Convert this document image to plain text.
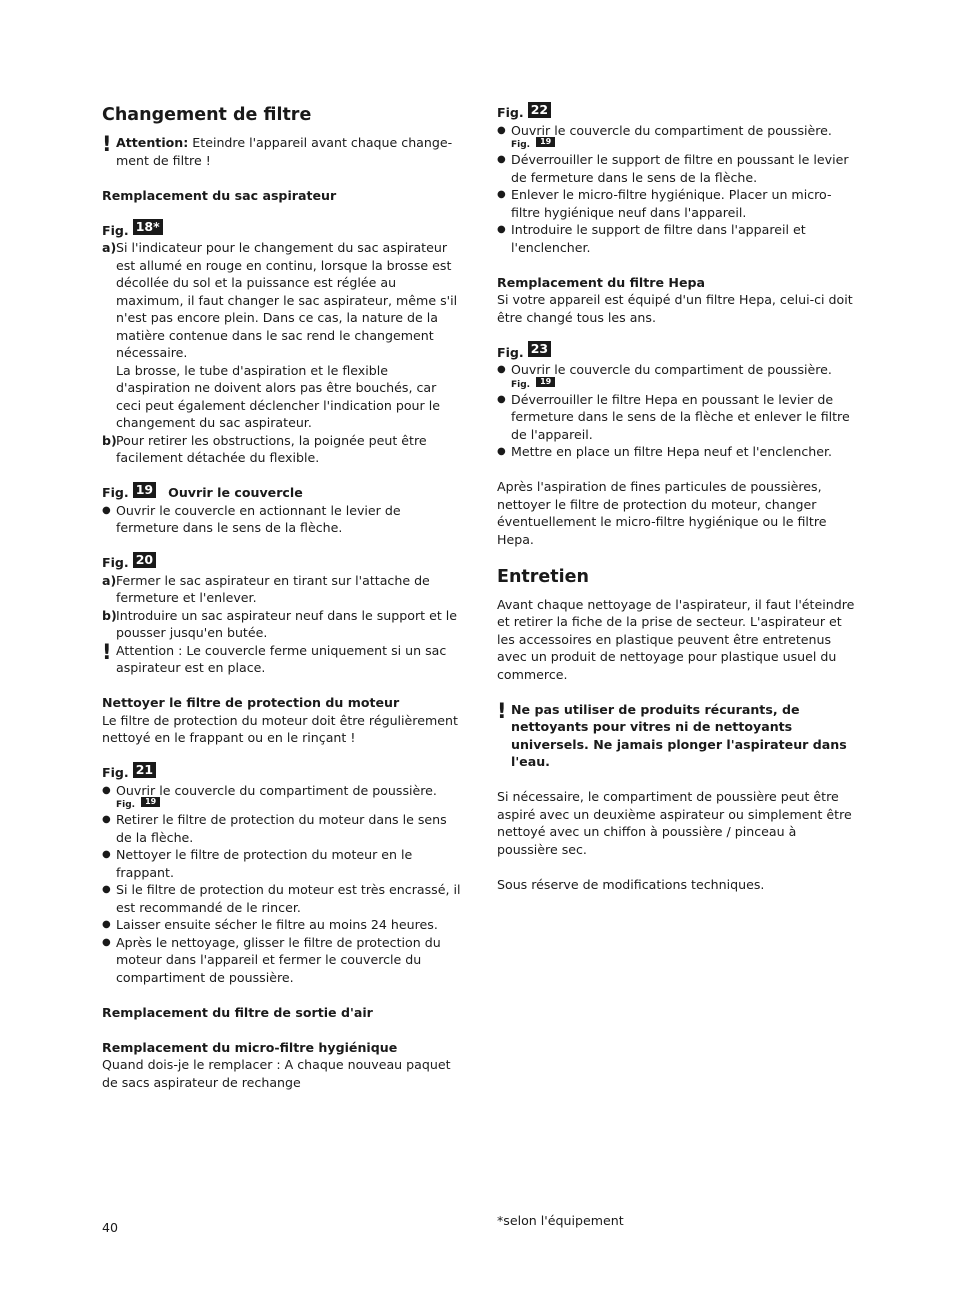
Changement de filtre
! Attention: Eteindre l'appareil avant chaque change-ment de filtre !

Remplacement du sac aspirateur

Fig. 18*
a) Si l'indicateur pour le changement du sac aspirateur est allumé en rouge en continu, lorsque la brosse est décollée du sol et la puissance est réglée au maximum, il faut changer le sac aspirateur, même s'il n'est pas encore plein. Dans ce cas, la nature de la matière contenue dans le sac rend le changement nécessaire.

La brosse, le tube d'aspiration et le flexible d'aspiration ne doivent alors pas être bouchés, car ceci peut également déclencher l'indication pour le changement du sac aspirateur.

b) Pour retirer les obstructions, la poignée peut être facilement détachée du flexible.

Fig. 19 Ouvrir le couvercle
● Ouvrir le couvercle en actionnant le levier de fermeture dans le sens de la flèche.
Fig. 20
a) Fermer le sac aspirateur en tirant sur l'attache de fermeture et l'enlever.

b) Introduire un sac aspirateur neuf dans le support et le pousser jusqu'en butée.

! Attention : Le couvercle ferme uniquement si un sac aspirateur est en place.

Nettoyer le filtre de protection du moteur

Le filtre de protection du moteur doit être régulièrement nettoyé en le frappant ou en le rinçant !

Fig. 21
● Ouvrir le couvercle du compartiment de poussière.
Fig.	19
● Retirer le filtre de protection du moteur dans le sens de la flèche.
● Nettoyer le filtre de protection du moteur en le frappant.
● Si le filtre de protection du moteur est très encrassé, il est recommandé de le rincer.
● Laisser ensuite sécher le filtre au moins 24 heures.
● Après le nettoyage, glisser le filtre de protection du moteur dans l'appareil et fermer le couvercle du compartiment de poussière.

Remplacement du filtre de sortie d'air

Remplacement du micro-filtre hygiénique

Quand dois-je le remplacer : A chaque nouveau paquet de sacs aspirateur de rechange

Fig. 22
● Ouvrir le couvercle du compartiment de poussière.
Fig.	19
● Déverrouiller le support de filtre en poussant le levier de fermeture dans le sens de la flèche.
● Enlever le micro-filtre hygiénique. Placer un micro-filtre hygiénique neuf dans l'appareil.
● Introduire le support de filtre dans l'appareil et l'enclencher.

Remplacement du filtre Hepa

Si votre appareil est équipé d'un filtre Hepa, celui-ci doit être changé tous les ans.

Fig. 23
● Ouvrir le couvercle du compartiment de poussière.
Fig.	19
● Déverrouiller le filtre Hepa en poussant le levier de fermeture dans le sens de la flèche et enlever le filtre de l'appareil.
● Mettre en place un filtre Hepa neuf et l'enclencher.

Après l'aspiration de fines particules de poussières, nettoyer le filtre de protection du moteur, changer éventuellement le micro-filtre hygiénique ou le filtre Hepa.

Entretien

Avant chaque nettoyage de l'aspirateur, il faut l'éteindre et retirer la fiche de la prise de secteur. L'aspirateur et les accessoires en plastique peuvent être entretenus avec un produit de nettoyage pour plastique usuel du commerce.

! Ne pas utiliser de produits récurants, de nettoyants pour vitres ni de nettoyants universels. Ne jamais plonger l'aspirateur dans l'eau.

Si nécessaire, le compartiment de poussière peut être aspiré avec un deuxième aspirateur ou simplement être nettoyé avec un chiffon à poussière / pinceau à poussière sec.

Sous réserve de modifications techniques.

40	*selon l'équipement
